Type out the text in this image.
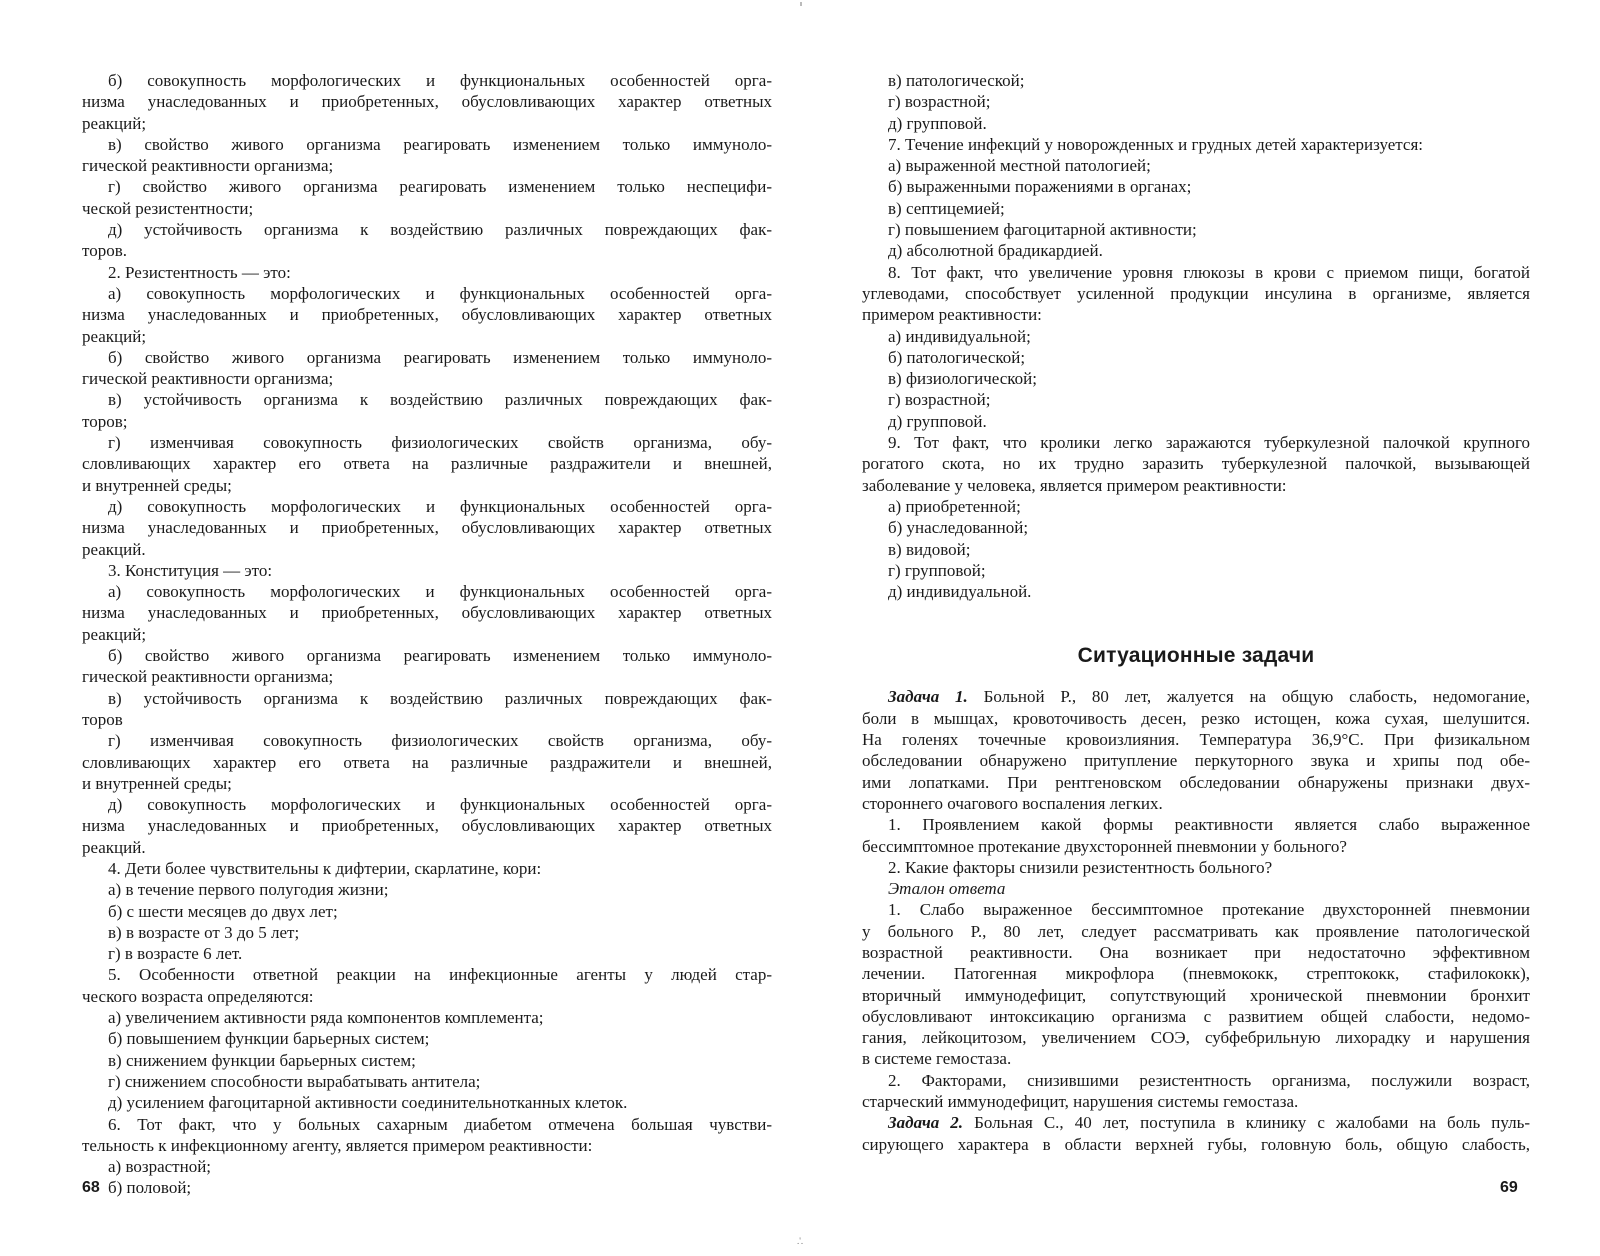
б) совокупность морфологических и функциональных особенностей орга-
низма унаследованных и приобретенных, обусловливающих характер ответных
реакций;
в) свойство живого организма реагировать изменением только иммуноло-
гической реактивности организма;
г) свойство живого организма реагировать изменением только неспецифи-
ческой резистентности;
д) устойчивость организма к воздействию различных повреждающих фак-
торов.
2. Резистентность — это:
а) совокупность морфологических и функциональных особенностей орга-
низма унаследованных и приобретенных, обусловливающих характер ответных
реакций;
б) свойство живого организма реагировать изменением только иммуноло-
гической реактивности организма;
в) устойчивость организма к воздействию различных повреждающих фак-
торов;
г) изменчивая совокупность физиологических свойств организма, обу-
словливающих характер его ответа на различные раздражители и внешней,
и внутренней среды;
д) совокупность морфологических и функциональных особенностей орга-
низма унаследованных и приобретенных, обусловливающих характер ответных
реакций.
3. Конституция — это:
а) совокупность морфологических и функциональных особенностей орга-
низма унаследованных и приобретенных, обусловливающих характер ответных
реакций;
б) свойство живого организма реагировать изменением только иммуноло-
гической реактивности организма;
в) устойчивость организма к воздействию различных повреждающих фак-
торов
г) изменчивая совокупность физиологических свойств организма, обу-
словливающих характер его ответа на различные раздражители и внешней,
и внутренней среды;
д) совокупность морфологических и функциональных особенностей орга-
низма унаследованных и приобретенных, обусловливающих характер ответных
реакций.
4. Дети более чувствительны к дифтерии, скарлатине, кори:
а) в течение первого полугодия жизни;
б) с шести месяцев до двух лет;
в) в возрасте от 3 до 5 лет;
г) в возрасте 6 лет.
5. Особенности ответной реакции на инфекционные агенты у людей стар-
ческого возраста определяются:
а) увеличением активности ряда компонентов комплемента;
б) повышением функции барьерных систем;
в) снижением функции барьерных систем;
г) снижением способности вырабатывать антитела;
д) усилением фагоцитарной активности соединительнотканных клеток.
6. Тот факт, что у больных сахарным диабетом отмечена большая чувстви-
тельность к инфекционному агенту, является примером реактивности:
а) возрастной;
б) половой;
в) патологической;
г) возрастной;
д) групповой.
7. Течение инфекций у новорожденных и грудных детей характеризуется:
а) выраженной местной патологией;
б) выраженными поражениями в органах;
в) септицемией;
г) повышением фагоцитарной активности;
д) абсолютной брадикардией.
8. Тот факт, что увеличение уровня глюкозы в крови с приемом пищи, богатой
углеводами, способствует усиленной продукции инсулина в организме, является
примером реактивности:
а) индивидуальной;
б) патологической;
в) физиологической;
г) возрастной;
д) групповой.
9. Тот факт, что кролики легко заражаются туберкулезной палочкой крупного
рогатого скота, но их трудно заразить туберкулезной палочкой, вызывающей
заболевание у человека, является примером реактивности:
а) приобретенной;
б) унаследованной;
в) видовой;
г) групповой;
д) индивидуальной.
Ситуационные задачи
Задача 1. Больной Р., 80 лет, жалуется на общую слабость, недомогание,
боли в мышцах, кровоточивость десен, резко истощен, кожа сухая, шелушится.
На голенях точечные кровоизлияния. Температура 36,9°С. При физикальном
обследовании обнаружено притупление перкуторного звука и хрипы под обе-
ими лопатками. При рентгеновском обследовании обнаружены признаки двух-
стороннего очагового воспаления легких.
1. Проявлением какой формы реактивности является слабо выраженное
бессимптомное протекание двухсторонней пневмонии у больного?
2. Какие факторы снизили резистентность больного?
Эталон ответа
1. Слабо выраженное бессимптомное протекание двухсторонней пневмонии
у больного Р., 80 лет, следует рассматривать как проявление патологической
возрастной реактивности. Она возникает при недостаточно эффективном
лечении. Патогенная микрофлора (пневмококк, стрептококк, стафилококк),
вторичный иммунодефицит, сопутствующий хронической пневмонии бронхит
обусловливают интоксикацию организма с развитием общей слабости, недомо-
гания, лейкоцитозом, увеличением СОЭ, субфебрильную лихорадку и нарушения
в системе гемостаза.
2. Факторами, снизившими резистентность организма, послужили возраст,
старческий иммунодефицит, нарушения системы гемостаза.
Задача 2. Больная С., 40 лет, поступила в клинику с жалобами на боль пуль-
сирующего характера в области верхней губы, головную боль, общую слабость,
68	69
.'.
